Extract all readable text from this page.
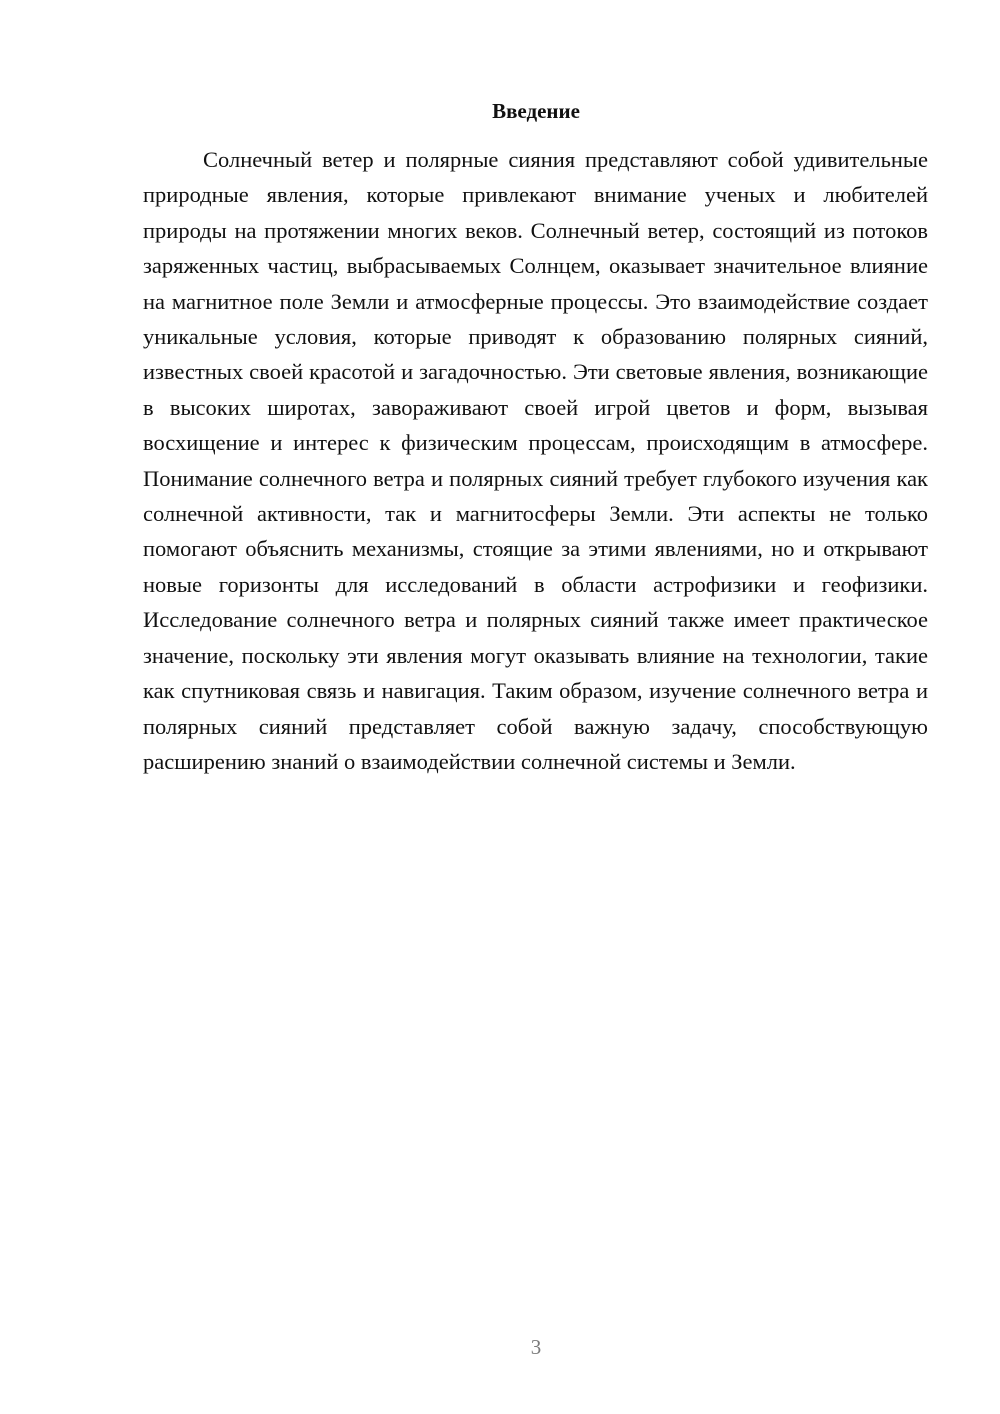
Введение

Солнечный ветер и полярные сияния представляют собой удивительные природные явления, которые привлекают внимание ученых и любителей природы на протяжении многих веков. Солнечный ветер, состоящий из потоков заряженных частиц, выбрасываемых Солнцем, оказывает значительное влияние на магнитное поле Земли и атмосферные процессы. Это взаимодействие создает уникальные условия, которые приводят к образованию полярных сияний, известных своей красотой и загадочностью. Эти световые явления, возникающие в высоких широтах, завораживают своей игрой цветов и форм, вызывая восхищение и интерес к физическим процессам, происходящим в атмосфере. Понимание солнечного ветра и полярных сияний требует глубокого изучения как солнечной активности, так и магнитосферы Земли. Эти аспекты не только помогают объяснить механизмы, стоящие за этими явлениями, но и открывают новые горизонты для исследований в области астрофизики и геофизики. Исследование солнечного ветра и полярных сияний также имеет практическое значение, поскольку эти явления могут оказывать влияние на технологии, такие как спутниковая связь и навигация. Таким образом, изучение солнечного ветра и полярных сияний представляет собой важную задачу, способствующую расширению знаний о взаимодействии солнечной системы и Земли.

3
